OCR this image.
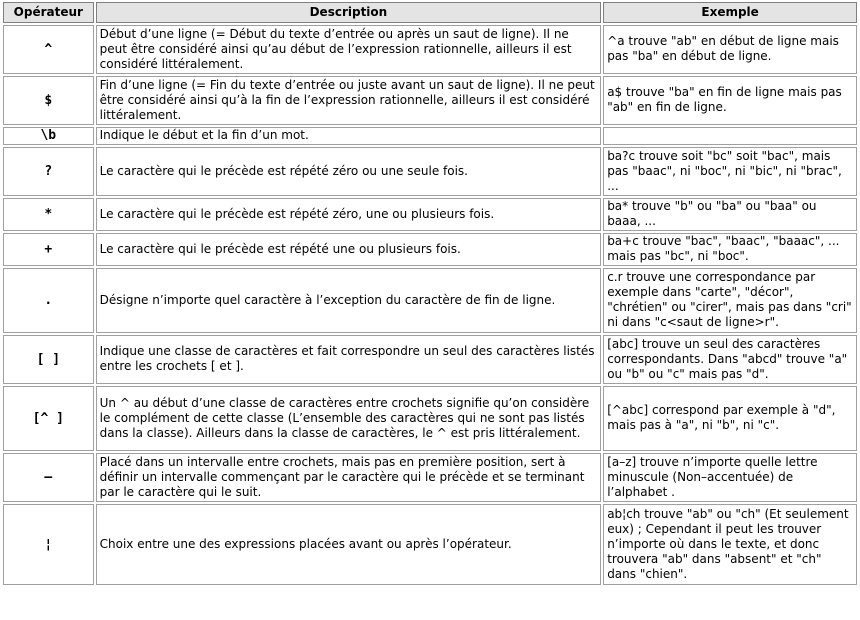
Opérateur	Description	Exemple
^	Début d’une ligne (= Début du texte d’entrée ou après un saut de ligne). Il ne peut être considéré ainsi qu’au début de l’expression rationnelle, ailleurs il est considéré littéralement.	^a trouve "ab" en début de ligne mais pas "ba" en début de ligne.
$	Fin d’une ligne (= Fin du texte d’entrée ou juste avant un saut de ligne). Il ne peut être considéré ainsi qu’à la fin de l’expression rationnelle, ailleurs il est considéré littéralement.	a$ trouve "ba" en fin de ligne mais pas "ab" en fin de ligne.
\b	Indique le début et la fin d’un mot.	
?	Le caractère qui le précède est répété zéro ou une seule fois.	ba?c trouve soit "bc" soit "bac", mais pas "baac", ni "boc", ni "bic", ni "brac", ...
*	Le caractère qui le précède est répété zéro, une ou plusieurs fois.	ba* trouve "b" ou "ba" ou "baa" ou baaa, ...
+	Le caractère qui le précède est répété une ou plusieurs fois.	ba+c trouve "bac", "baac", "baaac", ... mais pas "bc", ni "boc".
.	Désigne n’importe quel caractère à l’exception du caractère de fin de ligne.	c.r trouve une correspondance par exemple dans "carte", "décor", "chrétien" ou "cirer", mais pas dans "cri" ni dans "c<saut de ligne>r".
[ ]	Indique une classe de caractères et fait correspondre un seul des caractères listés entre les crochets [ et ].	[abc] trouve un seul des caractères correspondants. Dans "abcd" trouve "a" ou "b" ou "c" mais pas "d".
[^ ]	Un ^ au début d’une classe de caractères entre crochets signifie qu’on considère le complément de cette classe (L’ensemble des caractères qui ne sont pas listés dans la classe). Ailleurs dans la classe de caractères, le ^ est pris littéralement.	[^abc] correspond par exemple à "d", mais pas à "a", ni "b", ni "c".
–	Placé dans un intervalle entre crochets, mais pas en première position, sert à définir un intervalle commençant par le caractère qui le précède et se terminant par le caractère qui le suit.	[a–z] trouve n’importe quelle lettre minuscule (Non–accentuée) de l’alphabet .
¦	Choix entre une des expressions placées avant ou après l’opérateur.	ab¦ch trouve "ab" ou "ch" (Et seulement eux) ; Cependant il peut les trouver n’importe où dans le texte, et donc trouvera "ab" dans "absent" et "ch" dans "chien".
